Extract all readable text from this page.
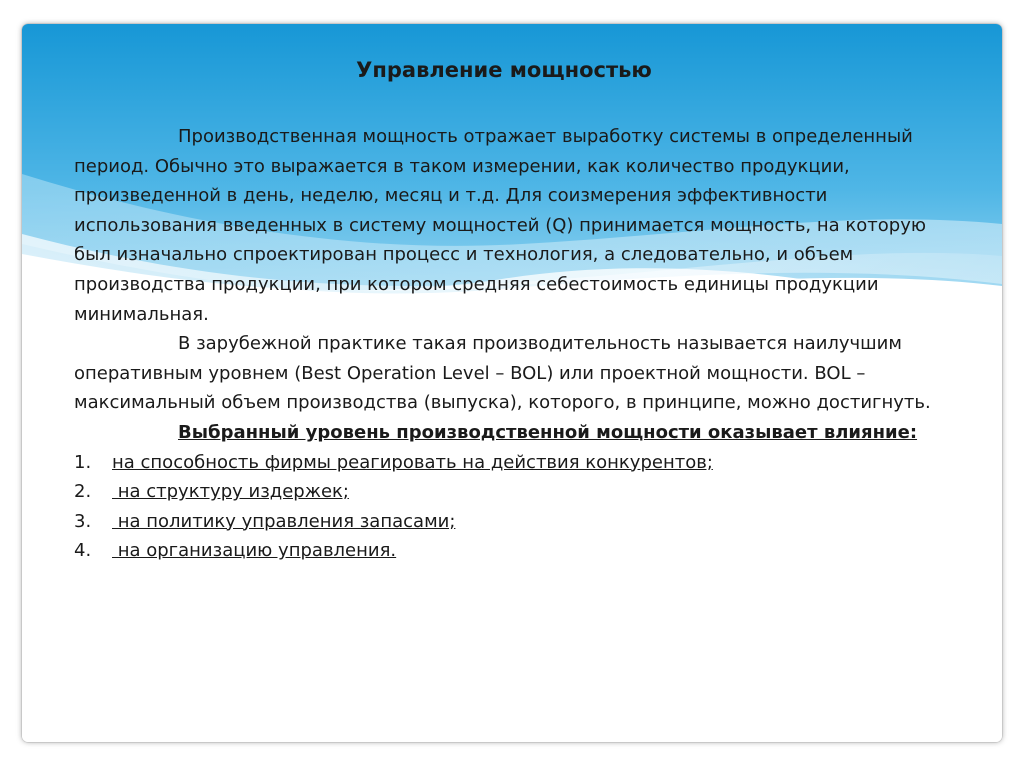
Управление мощностью

Производственная мощность отражает выработку системы в определенный период. Обычно это выражается в таком измерении, как количество продукции, произведенной в день, неделю, месяц и т.д. Для соизмерения эффективности использования введенных в систему мощностей (Q) принимается мощность, на которую был изначально спроектирован процесс и технология, а следовательно, и объем производства продукции, при котором средняя себестоимость единицы продукции минимальная.

В зарубежной практике такая производительность называется наилучшим оперативным уровнем (Best Operation Level – BOL) или проектной мощности. BOL – максимальный объем производства (выпуска), которого, в принципе, можно достигнуть.

Выбранный уровень производственной мощности оказывает влияние:

1.	на способность фирмы реагировать на действия конкурентов;
2.	на структуру издержек;
3.	на политику управления запасами;
4.	на организацию управления.
